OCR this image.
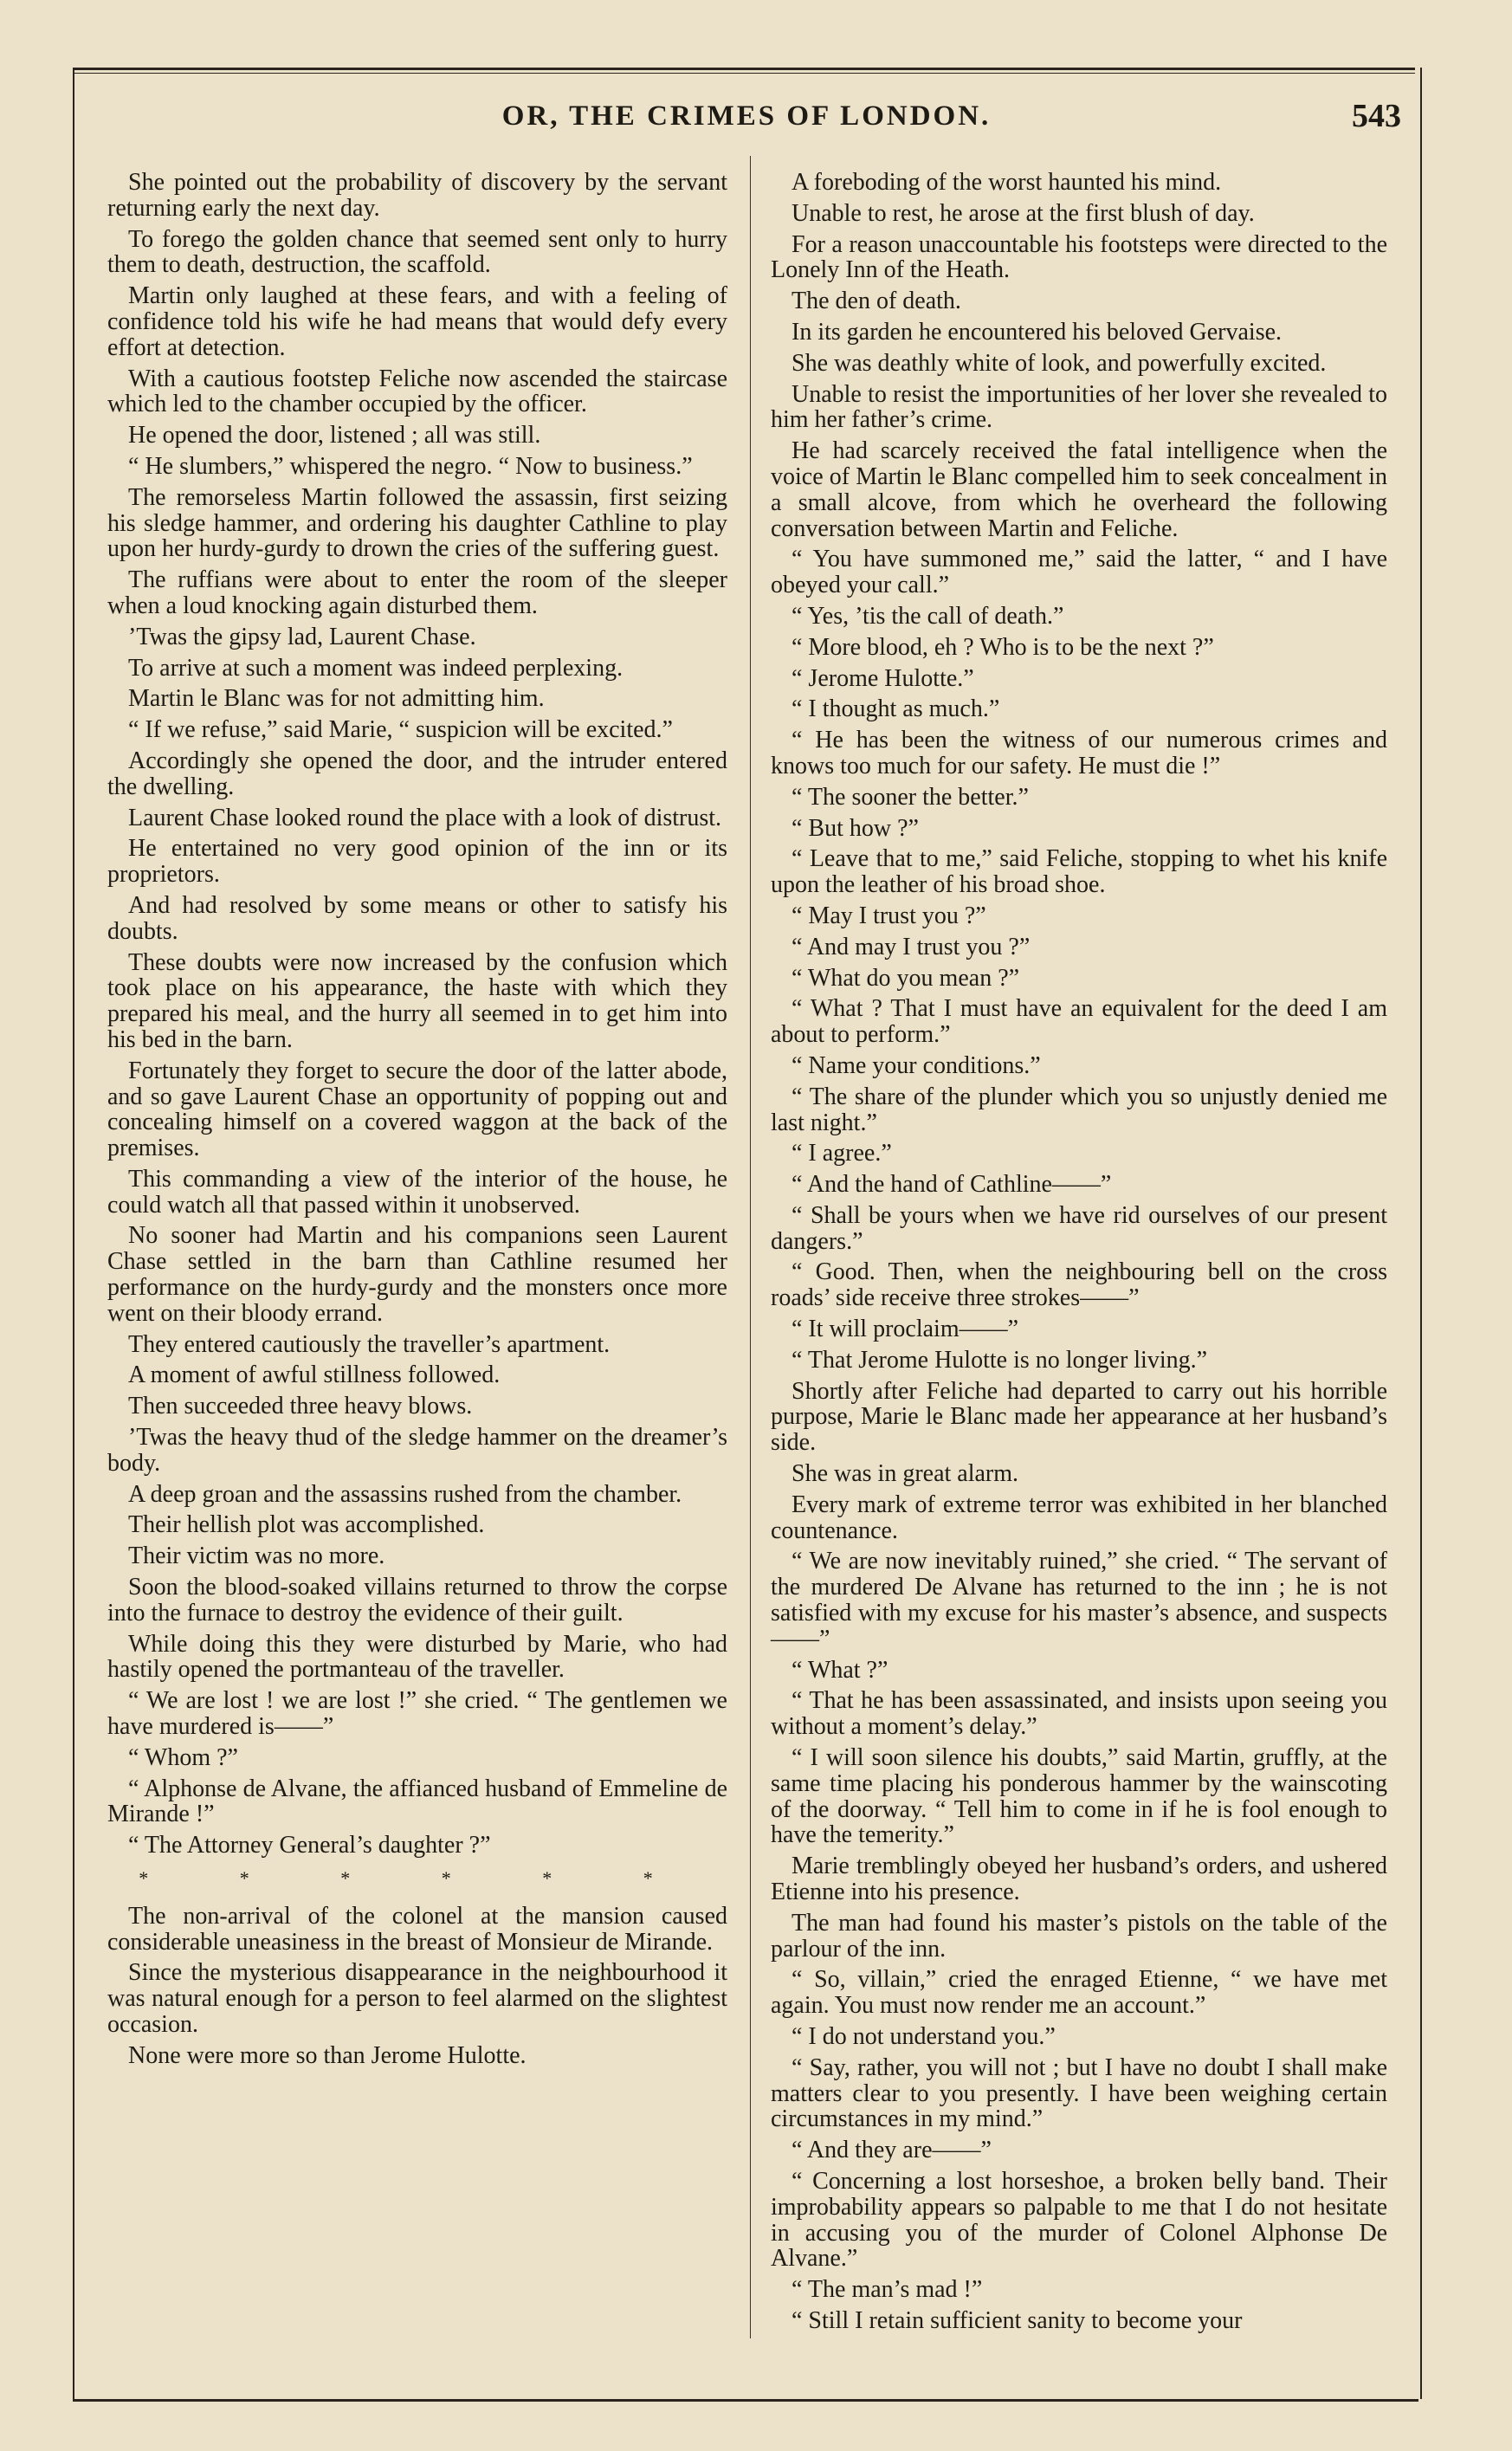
OR, THE CRIMES OF LONDON.	543

She pointed out the probability of discovery by the servant returning early the next day.

To forego the golden chance that seemed sent only to hurry them to death, destruction, the scaffold.

Martin only laughed at these fears, and with a feeling of confidence told his wife he had means that would defy every effort at detection.

With a cautious footstep Feliche now ascended the staircase which led to the chamber occupied by the officer.

He opened the door, listened ; all was still.

“ He slumbers,” whispered the negro. “ Now to business.”

The remorseless Martin followed the assassin, first seizing his sledge hammer, and ordering his daughter Cathline to play upon her hurdy-gurdy to drown the cries of the suffering guest.

The ruffians were about to enter the room of the sleeper when a loud knocking again disturbed them.

’Twas the gipsy lad, Laurent Chase.

To arrive at such a moment was indeed perplexing.

Martin le Blanc was for not admitting him.

“ If we refuse,” said Marie, “ suspicion will be excited.”

Accordingly she opened the door, and the intruder entered the dwelling.

Laurent Chase looked round the place with a look of distrust.

He entertained no very good opinion of the inn or its proprietors.

And had resolved by some means or other to satisfy his doubts.

These doubts were now increased by the confusion which took place on his appearance, the haste with which they prepared his meal, and the hurry all seemed in to get him into his bed in the barn.

Fortunately they forget to secure the door of the latter abode, and so gave Laurent Chase an opportunity of popping out and concealing himself on a covered waggon at the back of the premises.

This commanding a view of the interior of the house, he could watch all that passed within it unobserved.

No sooner had Martin and his companions seen Laurent Chase settled in the barn than Cathline resumed her performance on the hurdy-gurdy and the monsters once more went on their bloody errand.

They entered cautiously the traveller’s apartment.

A moment of awful stillness followed.

Then succeeded three heavy blows.

’Twas the heavy thud of the sledge hammer on the dreamer’s body.

A deep groan and the assassins rushed from the chamber.

Their hellish plot was accomplished.

Their victim was no more.

Soon the blood-soaked villains returned to throw the corpse into the furnace to destroy the evidence of their guilt.

While doing this they were disturbed by Marie, who had hastily opened the portmanteau of the traveller.

“ We are lost ! we are lost !” she cried. “ The gentlemen we have murdered is——”

“ Whom ?”

“ Alphonse de Alvane, the affianced husband of Emmeline de Mirande !”

“ The Attorney General’s daughter ?”

* * * * * *

The non-arrival of the colonel at the mansion caused considerable uneasiness in the breast of Monsieur de Mirande.

Since the mysterious disappearance in the neighbourhood it was natural enough for a person to feel alarmed on the slightest occasion.

None were more so than Jerome Hulotte.

A foreboding of the worst haunted his mind.

Unable to rest, he arose at the first blush of day.

For a reason unaccountable his footsteps were directed to the Lonely Inn of the Heath.

The den of death.

In its garden he encountered his beloved Gervaise.

She was deathly white of look, and powerfully excited.

Unable to resist the importunities of her lover she revealed to him her father’s crime.

He had scarcely received the fatal intelligence when the voice of Martin le Blanc compelled him to seek concealment in a small alcove, from which he overheard the following conversation between Martin and Feliche.

“ You have summoned me,” said the latter, “ and I have obeyed your call.”

“ Yes, ’tis the call of death.”

“ More blood, eh ? Who is to be the next ?”

“ Jerome Hulotte.”

“ I thought as much.”

“ He has been the witness of our numerous crimes and knows too much for our safety. He must die !”

“ The sooner the better.”

“ But how ?”

“ Leave that to me,” said Feliche, stopping to whet his knife upon the leather of his broad shoe.

“ May I trust you ?”

“ And may I trust you ?”

“ What do you mean ?”

“ What ? That I must have an equivalent for the deed I am about to perform.”

“ Name your conditions.”

“ The share of the plunder which you so unjustly denied me last night.”

“ I agree.”

“ And the hand of Cathline——”

“ Shall be yours when we have rid ourselves of our present dangers.”

“ Good. Then, when the neighbouring bell on the cross roads’ side receive three strokes——”

“ It will proclaim——”

“ That Jerome Hulotte is no longer living.”

Shortly after Feliche had departed to carry out his horrible purpose, Marie le Blanc made her appearance at her husband’s side.

She was in great alarm.

Every mark of extreme terror was exhibited in her blanched countenance.

“ We are now inevitably ruined,” she cried. “ The servant of the murdered De Alvane has returned to the inn ; he is not satisfied with my excuse for his master’s absence, and suspects——”

“ What ?”

“ That he has been assassinated, and insists upon seeing you without a moment’s delay.”

“ I will soon silence his doubts,” said Martin, gruffly, at the same time placing his ponderous hammer by the wainscoting of the doorway. “ Tell him to come in if he is fool enough to have the temerity.”

Marie tremblingly obeyed her husband’s orders, and ushered Etienne into his presence.

The man had found his master’s pistols on the table of the parlour of the inn.

“ So, villain,” cried the enraged Etienne, “ we have met again. You must now render me an account.”

“ I do not understand you.”

“ Say, rather, you will not ; but I have no doubt I shall make matters clear to you presently. I have been weighing certain circumstances in my mind.”

“ And they are——”

“ Concerning a lost horseshoe, a broken belly band. Their improbability appears so palpable to me that I do not hesitate in accusing you of the murder of Colonel Alphonse De Alvane.”

“ The man’s mad !”

“ Still I retain sufficient sanity to become your
